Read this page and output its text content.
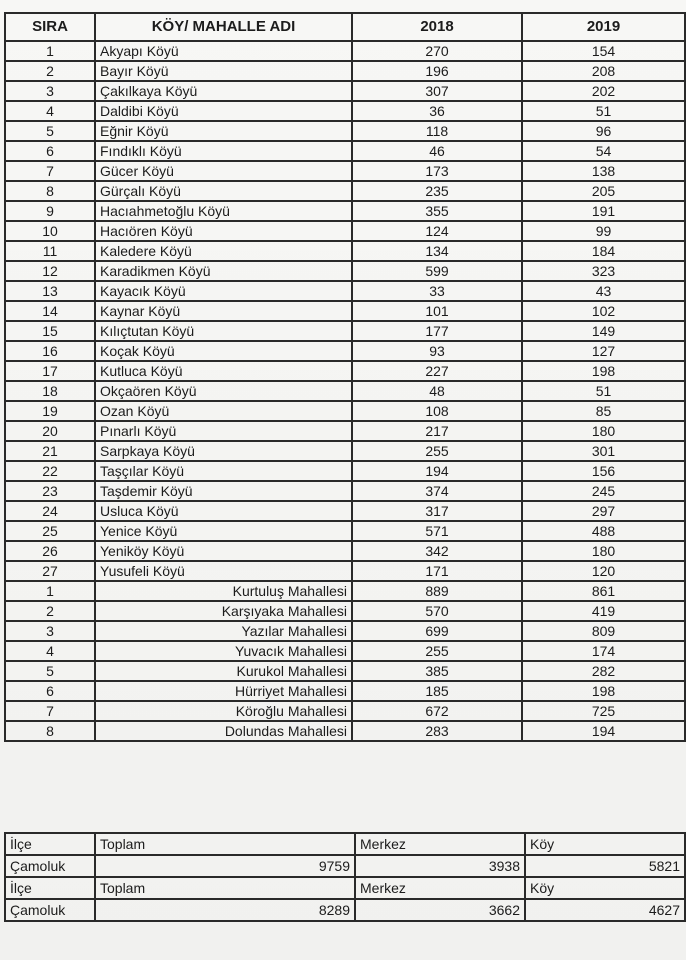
SIRA	KÖY/ MAHALLE ADI	2018	2019
1	Akyapı Köyü	270	154
2	Bayır Köyü	196	208
3	Çakılkaya Köyü	307	202
4	Daldibi Köyü	36	51
5	Eğnir Köyü	118	96
6	Fındıklı Köyü	46	54
7	Gücer Köyü	173	138
8	Gürçalı Köyü	235	205
9	Hacıahmetoğlu Köyü	355	191
10	Hacıören Köyü	124	99
11	Kaledere Köyü	134	184
12	Karadikmen Köyü	599	323
13	Kayacık Köyü	33	43
14	Kaynar Köyü	101	102
15	Kılıçtutan Köyü	177	149
16	Koçak Köyü	93	127
17	Kutluca Köyü	227	198
18	Okçaören Köyü	48	51
19	Ozan Köyü	108	85
20	Pınarlı Köyü	217	180
21	Sarpkaya Köyü	255	301
22	Taşçılar Köyü	194	156
23	Taşdemir Köyü	374	245
24	Usluca Köyü	317	297
25	Yenice Köyü	571	488
26	Yeniköy Köyü	342	180
27	Yusufeli Köyü	171	120
1	Kurtuluş Mahallesi	889	861
2	Karşıyaka Mahallesi	570	419
3	Yazılar Mahallesi	699	809
4	Yuvacık Mahallesi	255	174
5	Kurukol Mahallesi	385	282
6	Hürriyet Mahallesi	185	198
7	Köroğlu Mahallesi	672	725
8	Dolundas Mahallesi	283	194
İlçe	Toplam	Merkez	Köy
Çamoluk	9759	3938	5821
İlçe	Toplam	Merkez	Köy
Çamoluk	8289	3662	4627
